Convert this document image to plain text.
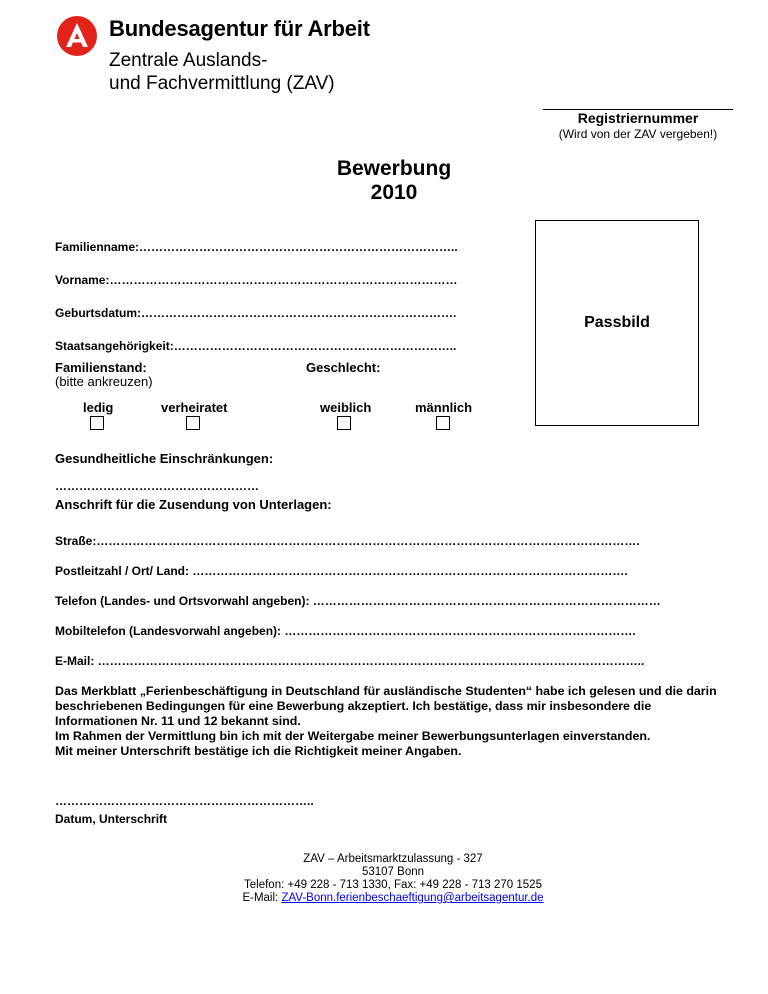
Bundesagentur für Arbeit
Zentrale Auslands-
und Fachvermittlung (ZAV)
Registriernummer
(Wird von der ZAV vergeben!)
Bewerbung
2010
Passbild
Familienname:……………………………………………………………………..
Vorname:……………………………………………………………………………
Geburtsdatum:…………………………………………………………………….
Staatsangehörigkeit:……………………………………………………………..
Familienstand:
(bitte ankreuzen)
Geschlecht:
ledig	verheiratet	weiblich	männlich
Gesundheitliche Einschränkungen:
……………………………………………
Anschrift für die Zusendung von Unterlagen:
Straße:……………………………………………………………………………………………………………………….
Postleitzahl / Ort/ Land: ……………………………………………………………………………………………….
Telefon (Landes- und Ortsvorwahl angeben): ……………………………………………………………………………
Mobiltelefon (Landesvorwahl angeben): …………………………………………………………………………….
E-Mail: ………………………………………………………………………………………………………………………..
Das Merkblatt „Ferienbeschäftigung in Deutschland für ausländische Studenten“ habe ich gelesen und die darin beschriebenen Bedingungen für eine Bewerbung akzeptiert. Ich bestätige, dass mir insbesondere die Informationen Nr. 11 und 12 bekannt sind.
Im Rahmen der Vermittlung bin ich mit der Weitergabe meiner Bewerbungsunterlagen einverstanden.
Mit meiner Unterschrift bestätige ich die Richtigkeit meiner Angaben.
………………………………………………………..
Datum, Unterschrift
ZAV – Arbeitsmarktzulassung - 327
53107 Bonn
Telefon: +49 228 - 713 1330, Fax: +49 228 - 713 270 1525
E-Mail: ZAV-Bonn.ferienbeschaeftigung@arbeitsagentur.de
